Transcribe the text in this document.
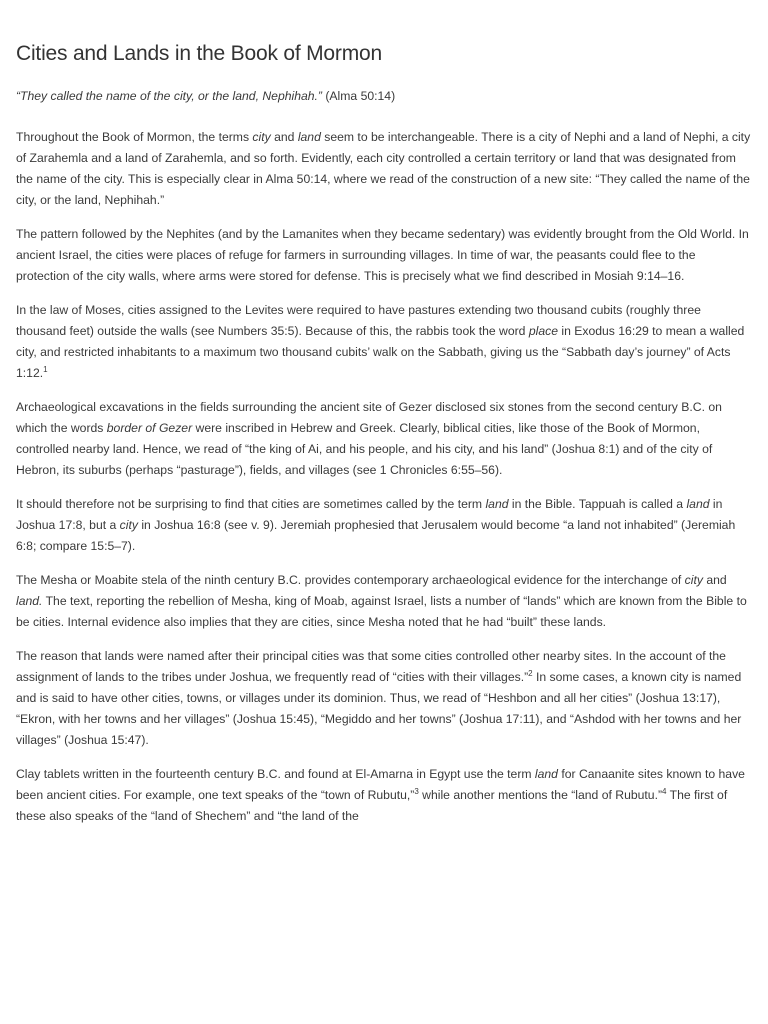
Cities and Lands in the Book of Mormon

“They called the name of the city, or the land, Nephihah.” (Alma 50:14)

Throughout the Book of Mormon, the terms city and land seem to be interchangeable. There is a city of Nephi and a land of Nephi, a city of Zarahemla and a land of Zarahemla, and so forth. Evidently, each city controlled a certain territory or land that was designated from the name of the city. This is especially clear in Alma 50:14, where we read of the construction of a new site: “They called the name of the city, or the land, Nephihah.”

The pattern followed by the Nephites (and by the Lamanites when they became sedentary) was evidently brought from the Old World. In ancient Israel, the cities were places of refuge for farmers in surrounding villages. In time of war, the peasants could flee to the protection of the city walls, where arms were stored for defense. This is precisely what we find described in Mosiah 9:14–16.

In the law of Moses, cities assigned to the Levites were required to have pastures extending two thousand cubits (roughly three thousand feet) outside the walls (see Numbers 35:5). Because of this, the rabbis took the word place in Exodus 16:29 to mean a walled city, and restricted inhabitants to a maximum two thousand cubits’ walk on the Sabbath, giving us the “Sabbath day’s journey” of Acts 1:12.$^1$

Archaeological excavations in the fields surrounding the ancient site of Gezer disclosed six stones from the second century B.C. on which the words border of Gezer were inscribed in Hebrew and Greek. Clearly, biblical cities, like those of the Book of Mormon, controlled nearby land. Hence, we read of “the king of Ai, and his people, and his city, and his land” (Joshua 8:1) and of the city of Hebron, its suburbs (perhaps “pasturage”), fields, and villages (see 1 Chronicles 6:55–56).

It should therefore not be surprising to find that cities are sometimes called by the term land in the Bible. Tappuah is called a land in Joshua 17:8, but a city in Joshua 16:8 (see v. 9). Jeremiah prophesied that Jerusalem would become “a land not inhabited” (Jeremiah 6:8; compare 15:5–7).

The Mesha or Moabite stela of the ninth century B.C. provides contemporary archaeological evidence for the interchange of city and land. The text, reporting the rebellion of Mesha, king of Moab, against Israel, lists a number of “lands” which are known from the Bible to be cities. Internal evidence also implies that they are cities, since Mesha noted that he had “built” these lands.

The reason that lands were named after their principal cities was that some cities controlled other nearby sites. In the account of the assignment of lands to the tribes under Joshua, we frequently read of “cities with their villages.”$^2$ In some cases, a known city is named and is said to have other cities, towns, or villages under its dominion. Thus, we read of “Heshbon and all her cities” (Joshua 13:17), “Ekron, with her towns and her villages” (Joshua 15:45), “Megiddo and her towns” (Joshua 17:11), and “Ashdod with her towns and her villages” (Joshua 15:47).

Clay tablets written in the fourteenth century B.C. and found at El-Amarna in Egypt use the term land for Canaanite sites known to have been ancient cities. For example, one text speaks of the “town of Rubutu,”$^3$ while another mentions the “land of Rubutu.”$^4$ The first of these also speaks of the “land of Shechem” and “the land of the
